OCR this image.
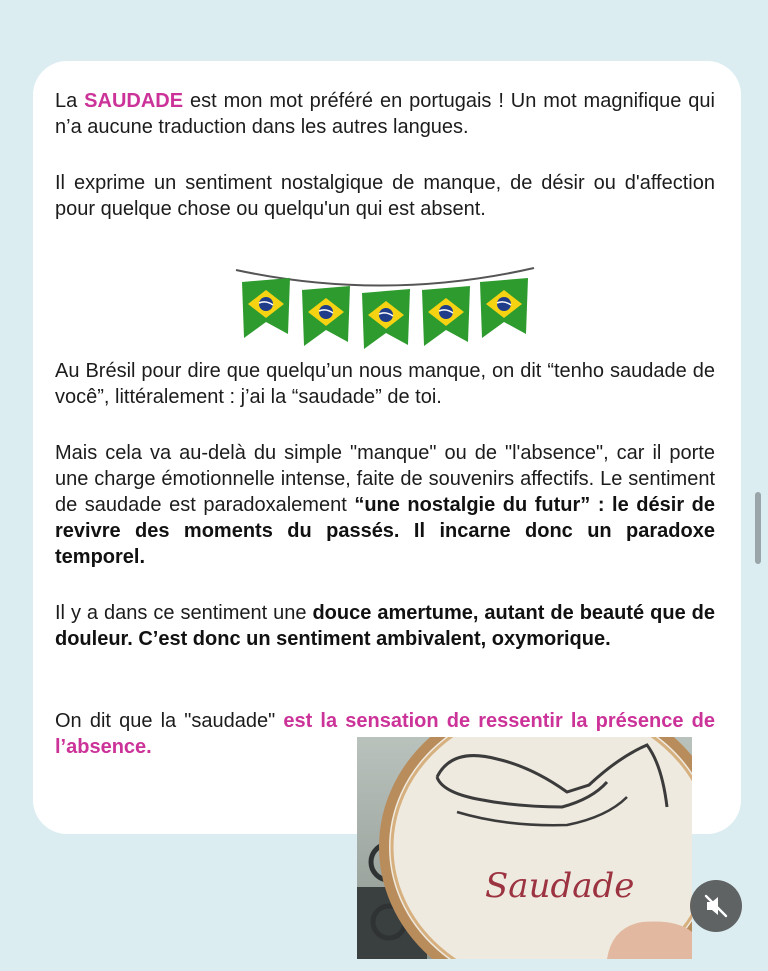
La SAUDADE est mon mot préféré en portugais ! Un mot magnifique qui n’a aucune traduction dans les autres langues.

Il exprime un sentiment nostalgique de manque, de désir ou d'affection pour quelque chose ou quelqu'un qui est absent.

Au Brésil pour dire que quelqu’un nous manque, on dit “tenho saudade de você”, littéralement : j’ai la “saudade” de toi.

Mais cela va au-delà du simple "manque" ou de "l'absence", car il porte une charge émotionnelle intense, faite de souvenirs affectifs. Le sentiment de saudade est paradoxalement “une nostalgie du futur” : le désir de revivre des moments du passés. Il incarne donc un paradoxe temporel.

Il y a dans ce sentiment une douce amertume, autant de beauté que de douleur. C’est donc un sentiment ambivalent, oxymorique.

On dit que la "saudade" est la sensation de ressentir la présence de l’absence.

Saudade
